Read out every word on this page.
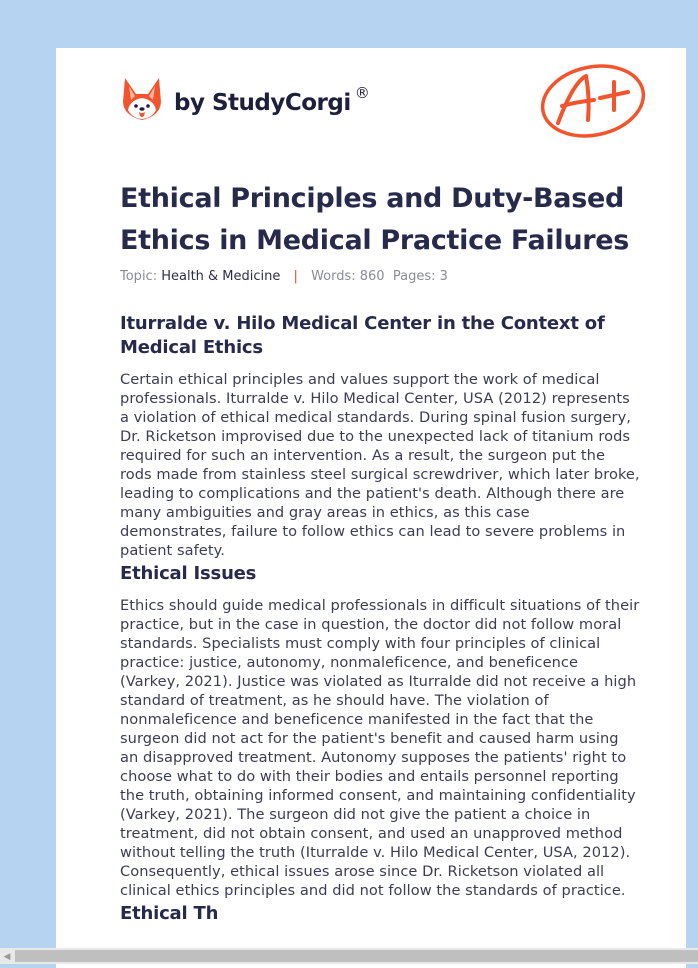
by StudyCorgi ®
Ethical Principles and Duty-Based Ethics in Medical Practice Failures
Topic: Health & Medicine | Words: 860 Pages: 3
Iturralde v. Hilo Medical Center in the Context of Medical Ethics

Certain ethical principles and values support the work of medical professionals. Iturralde v. Hilo Medical Center, USA (2012) represents a violation of ethical medical standards. During spinal fusion surgery, Dr. Ricketson improvised due to the unexpected lack of titanium rods required for such an intervention. As a result, the surgeon put the rods made from stainless steel surgical screwdriver, which later broke, leading to complications and the patient's death. Although there are many ambiguities and gray areas in ethics, as this case demonstrates, failure to follow ethics can lead to severe problems in patient safety.

Ethical Issues

Ethics should guide medical professionals in difficult situations of their practice, but in the case in question, the doctor did not follow moral standards. Specialists must comply with four principles of clinical practice: justice, autonomy, nonmaleficence, and beneficence (Varkey, 2021). Justice was violated as Iturralde did not receive a high standard of treatment, as he should have. The violation of nonmaleficence and beneficence manifested in the fact that the surgeon did not act for the patient's benefit and caused harm using an disapproved treatment. Autonomy supposes the patients' right to choose what to do with their bodies and entails personnel reporting the truth, obtaining informed consent, and maintaining confidentiality (Varkey, 2021). The surgeon did not give the patient a choice in treatment, did not obtain consent, and used an unapproved method without telling the truth (Iturralde v. Hilo Medical Center, USA, 2012). Consequently, ethical issues arose since Dr. Ricketson violated all clinical ethics principles and did not follow the standards of practice.

Ethical Th
◀
